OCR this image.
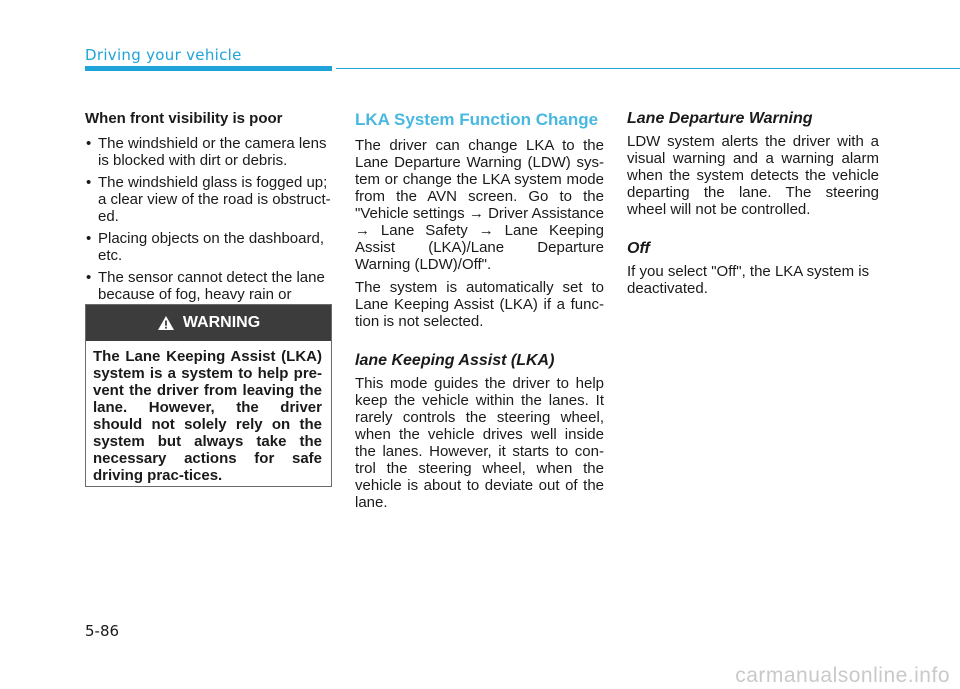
Driving your vehicle

When front visibility is poor

• The windshield or the camera lens is blocked with dirt or debris.
• The windshield glass is fogged up; a clear view of the road is obstruct-ed.
• Placing objects on the dashboard, etc.
• The sensor cannot detect the lane because of fog, heavy rain or
WARNING
The Lane Keeping Assist (LKA) system is a system to help pre-vent the driver from leaving the lane. However, the driver should not solely rely on the system but always take the necessary actions for safe driving prac-tices.
LKA System Function Change

The driver can change LKA to the Lane Departure Warning (LDW) sys-tem or change the LKA system mode from the AVN screen. Go to the "Vehicle settings → Driver Assistance → Lane Safety → Lane Keeping Assist (LKA)/Lane Departure Warning (LDW)/Off".

The system is automatically set to Lane Keeping Assist (LKA) if a func-tion is not selected.

lane Keeping Assist (LKA)

This mode guides the driver to help keep the vehicle within the lanes. It rarely controls the steering wheel, when the vehicle drives well inside the lanes. However, it starts to con-trol the steering wheel, when the vehicle is about to deviate out of the lane.

Lane Departure Warning

LDW system alerts the driver with a visual warning and a warning alarm when the system detects the vehicle departing the lane. The steering wheel will not be controlled.

Off

If you select "Off", the LKA system is deactivated.

5-86
carmanualsonline.info
